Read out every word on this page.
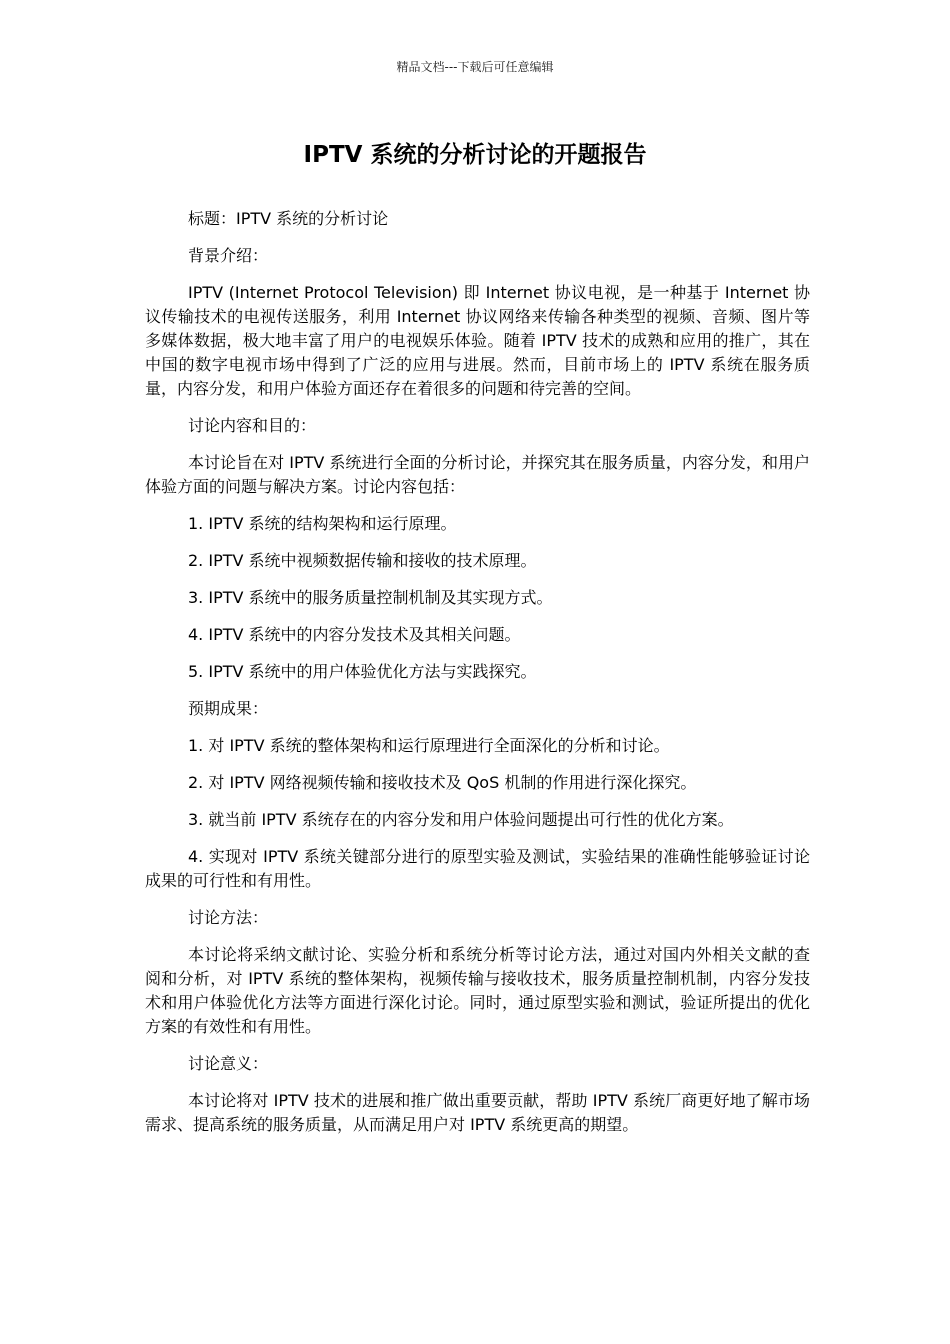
精品文档---下载后可任意编辑
IPTV 系统的分析讨论的开题报告

标题：IPTV 系统的分析讨论

背景介绍：

IPTV (Internet Protocol Television) 即 Internet 协议电视，是一种基于 Internet 协议传输技术的电视传送服务，利用 Internet 协议网络来传输各种类型的视频、音频、图片等多媒体数据，极大地丰富了用户的电视娱乐体验。随着 IPTV 技术的成熟和应用的推广，其在中国的数字电视市场中得到了广泛的应用与进展。然而，目前市场上的 IPTV 系统在服务质量，内容分发，和用户体验方面还存在着很多的问题和待完善的空间。

讨论内容和目的：

本讨论旨在对 IPTV 系统进行全面的分析讨论，并探究其在服务质量，内容分发，和用户体验方面的问题与解决方案。讨论内容包括：

1. IPTV 系统的结构架构和运行原理。

2. IPTV 系统中视频数据传输和接收的技术原理。

3. IPTV 系统中的服务质量控制机制及其实现方式。

4. IPTV 系统中的内容分发技术及其相关问题。

5. IPTV 系统中的用户体验优化方法与实践探究。

预期成果：

1. 对 IPTV 系统的整体架构和运行原理进行全面深化的分析和讨论。

2. 对 IPTV 网络视频传输和接收技术及 QoS 机制的作用进行深化探究。

3. 就当前 IPTV 系统存在的内容分发和用户体验问题提出可行性的优化方案。

4. 实现对 IPTV 系统关键部分进行的原型实验及测试，实验结果的准确性能够验证讨论成果的可行性和有用性。

讨论方法：

本讨论将采纳文献讨论、实验分析和系统分析等讨论方法，通过对国内外相关文献的查阅和分析，对 IPTV 系统的整体架构，视频传输与接收技术，服务质量控制机制，内容分发技术和用户体验优化方法等方面进行深化讨论。同时，通过原型实验和测试，验证所提出的优化方案的有效性和有用性。

讨论意义：

本讨论将对 IPTV 技术的进展和推广做出重要贡献，帮助 IPTV 系统厂商更好地了解市场需求、提高系统的服务质量，从而满足用户对 IPTV 系统更高的期望。
